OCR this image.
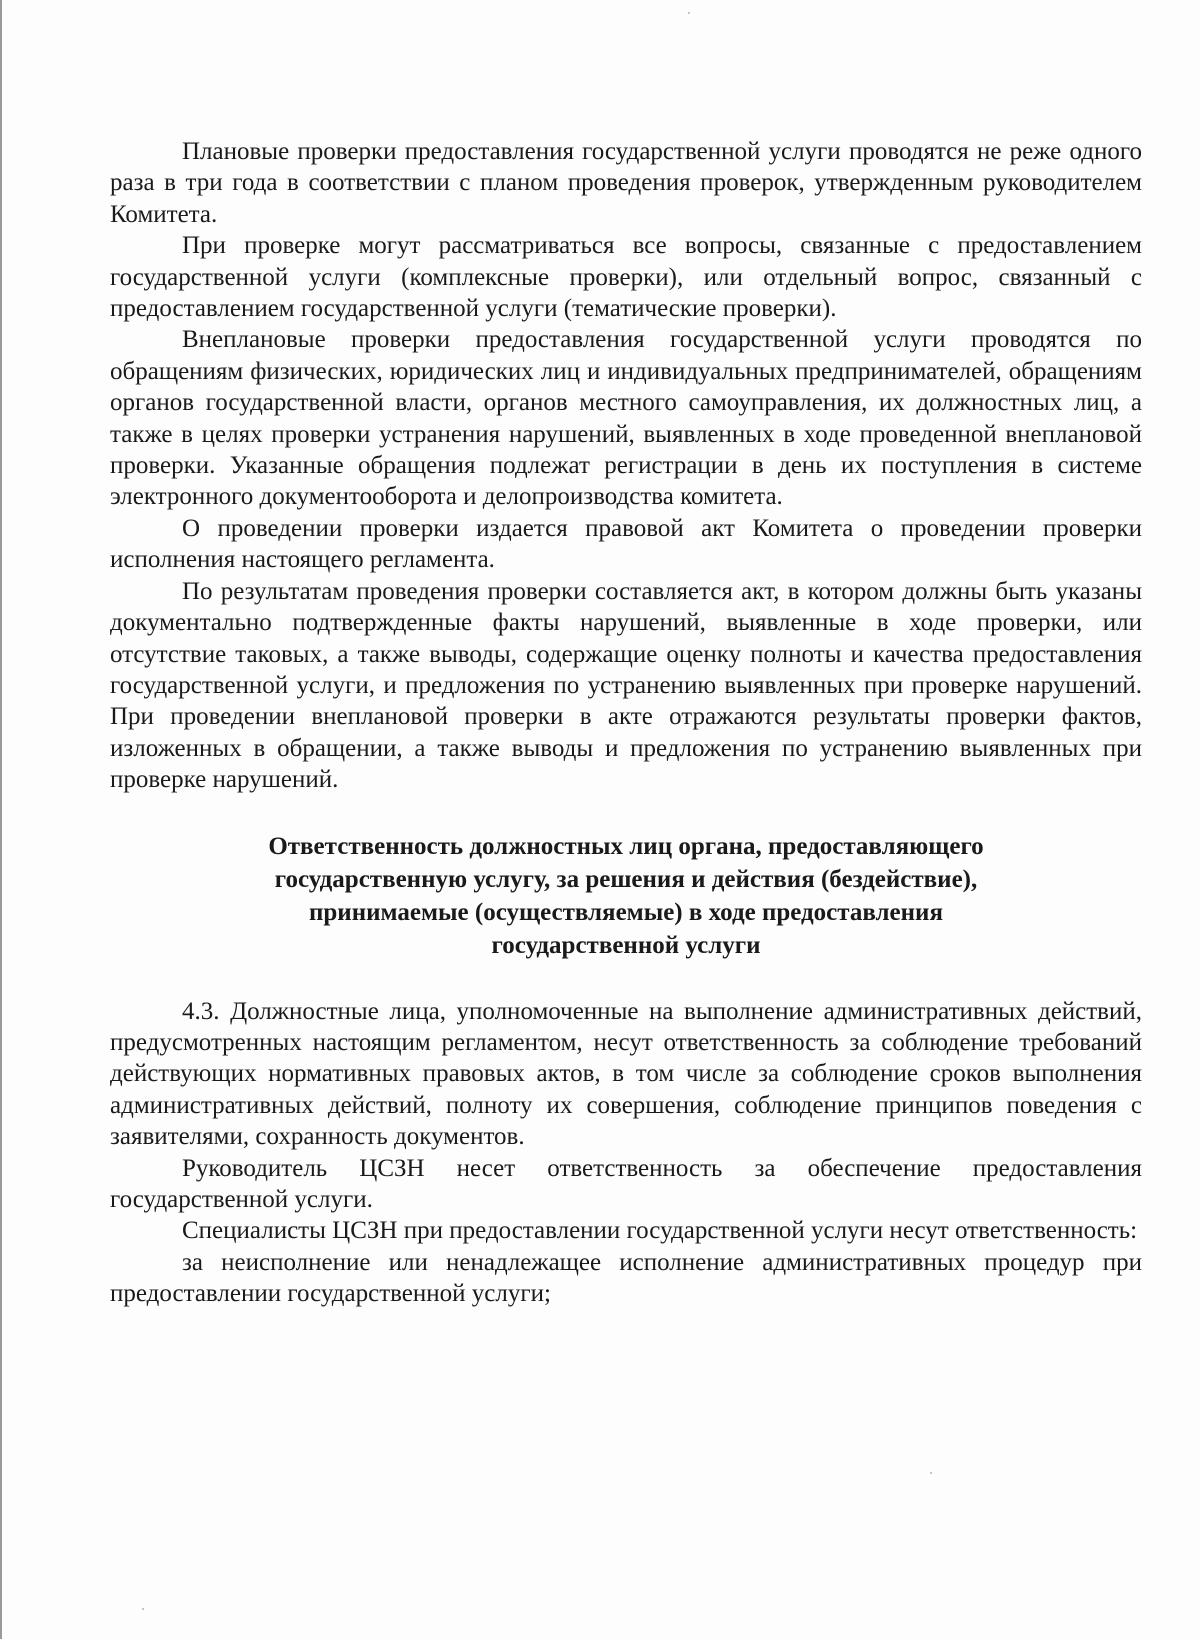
Плановые проверки предоставления государственной услуги проводятся не реже одного раза в три года в соответствии с планом проведения проверок, утвержденным руководителем Комитета.

При проверке могут рассматриваться все вопросы, связанные с предоставлением государственной услуги (комплексные проверки), или отдельный вопрос, связанный с предоставлением государственной услуги (тематические проверки).

Внеплановые проверки предоставления государственной услуги проводятся по обращениям физических, юридических лиц и индивидуальных предпринимателей, обращениям органов государственной власти, органов местного самоуправления, их должностных лиц, а также в целях проверки устранения нарушений, выявленных в ходе проведенной внеплановой проверки. Указанные обращения подлежат регистрации в день их поступления в системе электронного документооборота и делопроизводства комитета.

О проведении проверки издается правовой акт Комитета о проведении проверки исполнения настоящего регламента.

По результатам проведения проверки составляется акт, в котором должны быть указаны документально подтвержденные факты нарушений, выявленные в ходе проверки, или отсутствие таковых, а также выводы, содержащие оценку полноты и качества предоставления государственной услуги, и предложения по устранению выявленных при проверке нарушений. При проведении внеплановой проверки в акте отражаются результаты проверки фактов, изложенных в обращении, а также выводы и предложения по устранению выявленных при проверке нарушений.

Ответственность должностных лиц органа, предоставляющего
государственную услугу, за решения и действия (бездействие),
принимаемые (осуществляемые) в ходе предоставления
государственной услуги

4.3. Должностные лица, уполномоченные на выполнение административных действий, предусмотренных настоящим регламентом, несут ответственность за соблюдение требований действующих нормативных правовых актов, в том числе за соблюдение сроков выполнения административных действий, полноту их совершения, соблюдение принципов поведения с заявителями, сохранность документов.

Руководитель ЦСЗН несет ответственность за обеспечение предоставления государственной услуги.

Специалисты ЦСЗН при предоставлении государственной услуги несут ответственность:

за неисполнение или ненадлежащее исполнение административных процедур при предоставлении государственной услуги;
